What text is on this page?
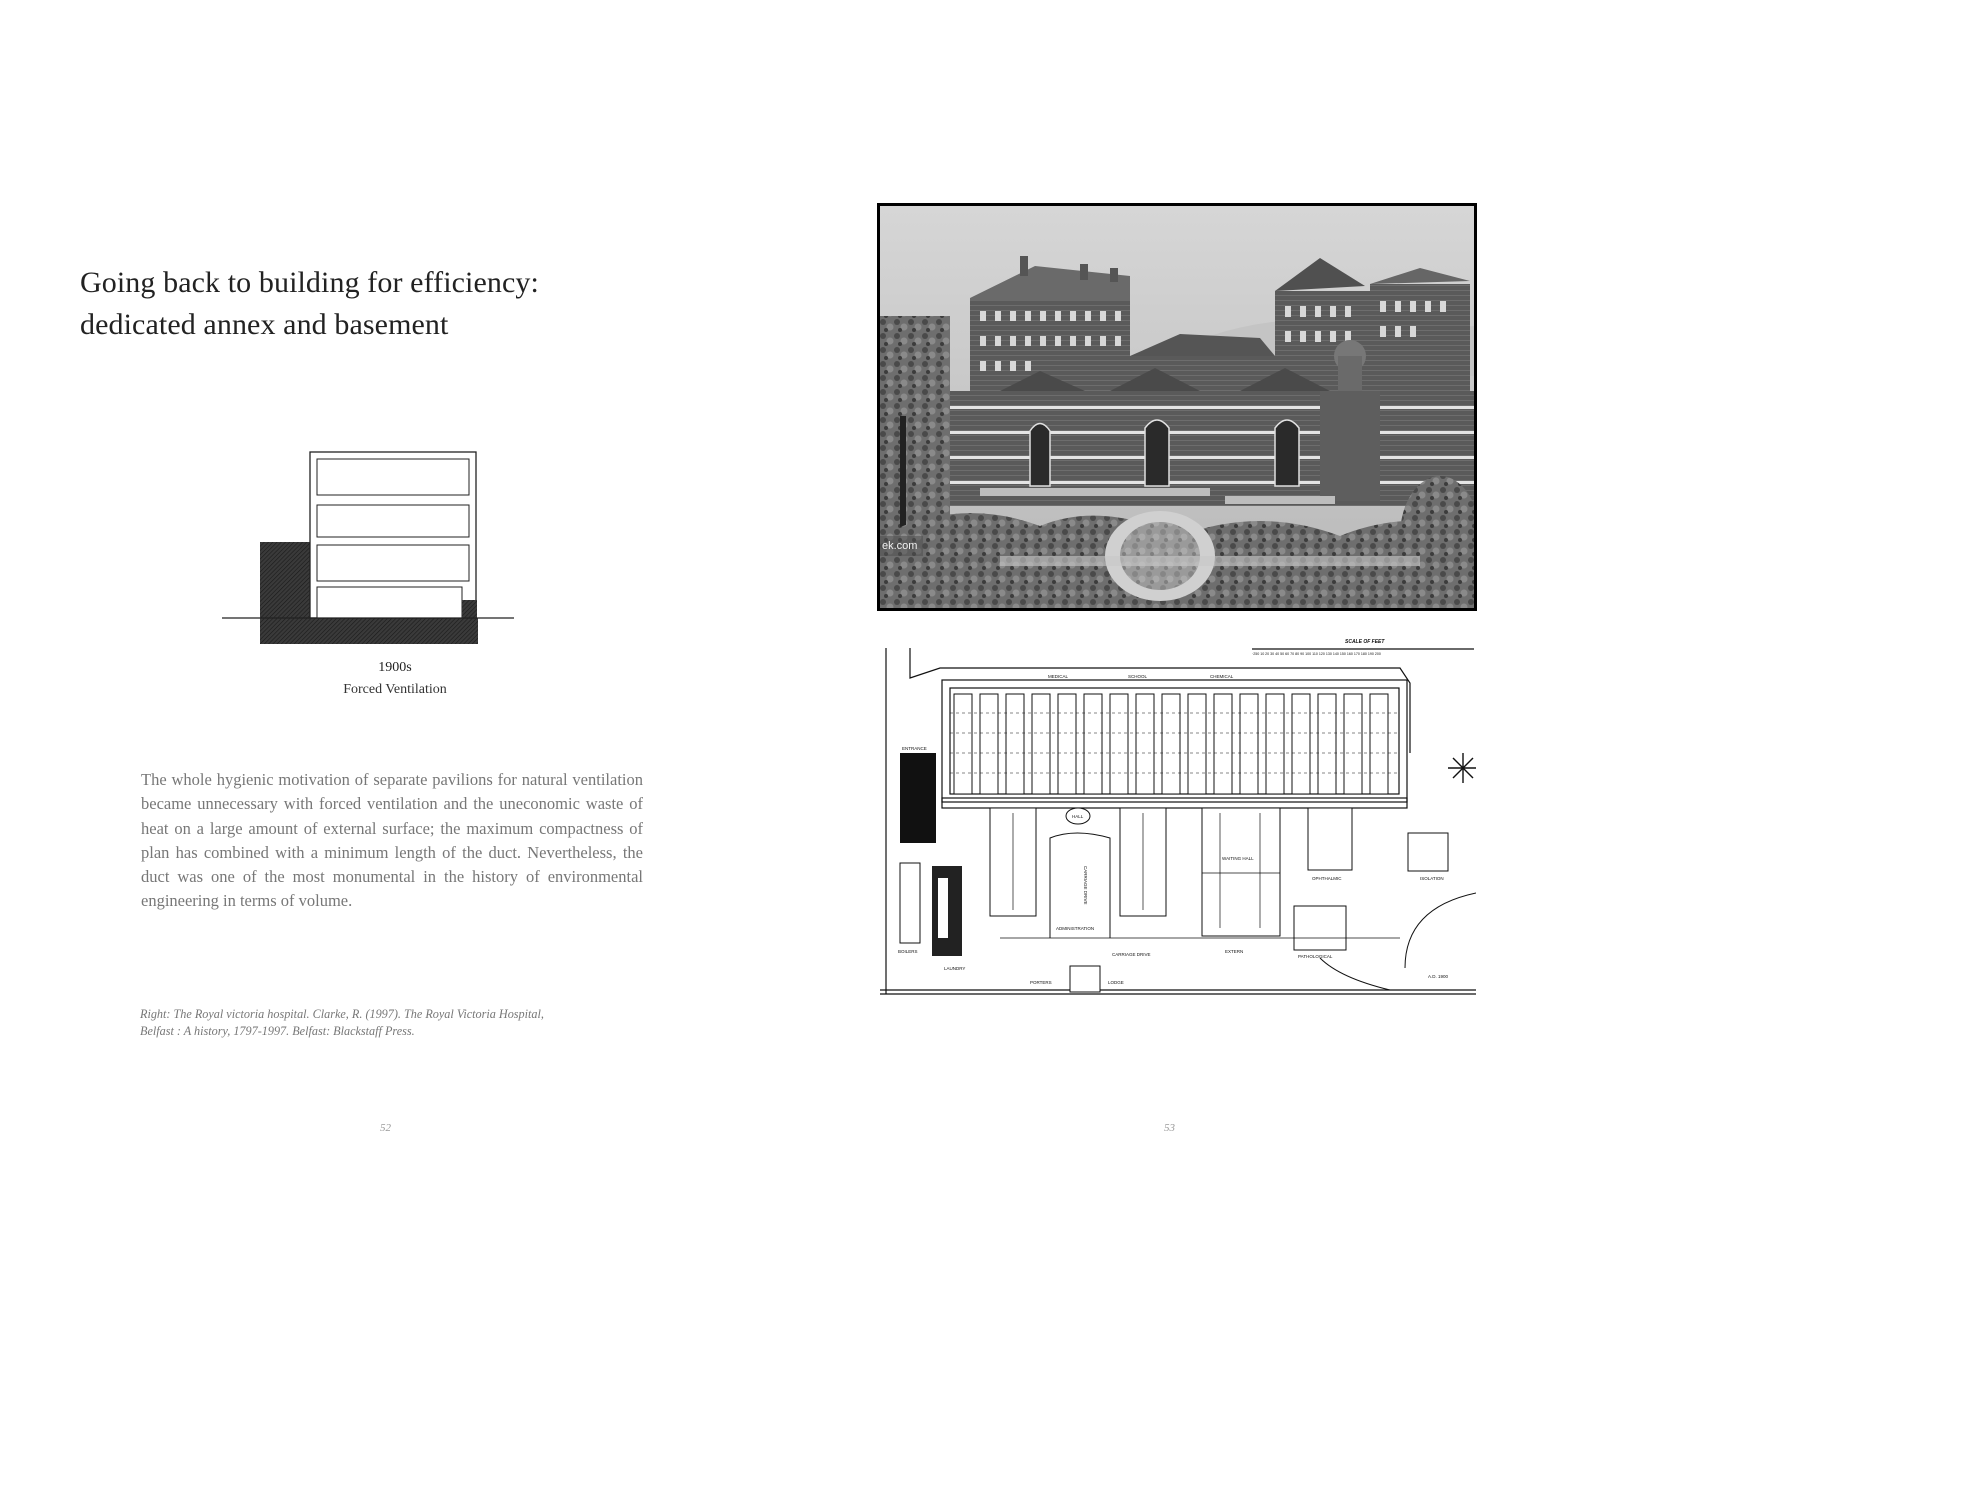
Going back to building for efficiency:
dedicated annex and basement
1900s
Forced Ventilation

The whole hygienic motivation of separate pavilions for natural ventilation became unnecessary with forced ventilation and the uneconomic waste of heat on a large amount of external surface; the maximum compactness of plan has combined with a minimum length of the duct. Nevertheless, the duct was one of the most monumental in the history of environmental engineering in terms of volume.

Right: The Royal victoria hospital. Clarke, R. (1997). The Royal Victoria Hospital,
Belfast : A history, 1797-1997. Belfast: Blackstaff Press.

52
ek.com
SCALE OF FEET
·250 10 20 30 40 50 60 70 80 90 100 110 120 130 140 150 160 170 180 190 200
MEDICAL	SCHOOL	CHEMICAL
ENTRANCE
HALL
WAITING HALL
CARRIAGE DRIVE
ADMINISTRATION
CARRIAGE DRIVE
EXTERN
OPHTHALMIC	ISOLATION
PATHOLOGICAL
BOILERS
LAUNDRY
PORTERS	LODGE
A.D. 1900
53
